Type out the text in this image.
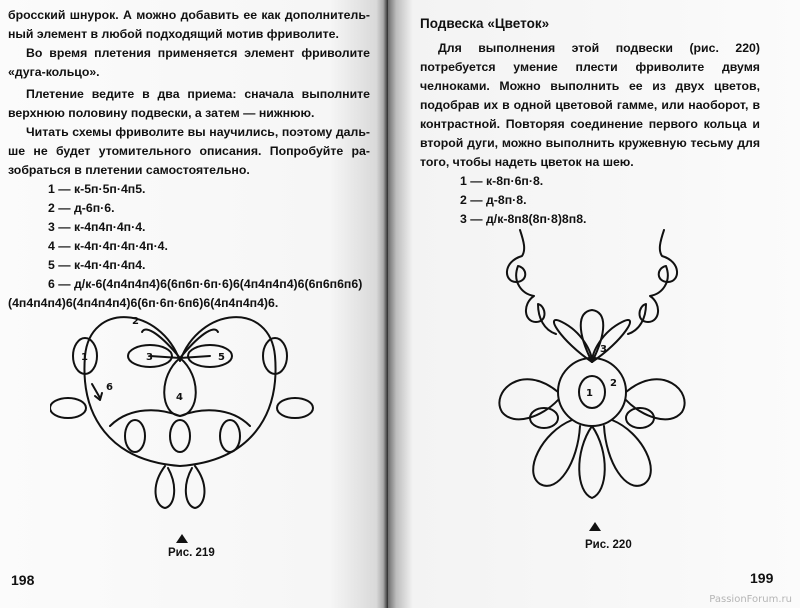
бросский шнурок. А можно добавить ее как дополнительный элемент в любой подходящий мотив фриволите.

Во время плетения применяется элемент фриволите «дуга-кольцо».

Плетение ведите в два приема: сначала выполните верхнюю половину подвески, а затем — нижнюю.

Читать схемы фриволите вы научились, поэтому дальше не будет утомительного описания. Попробуйте разобраться в плетении самостоятельно.

1 — к-5п·5п·4п5.

2 — д-6п·6.

3 — к-4п4п·4п·4.

4 — к-4п·4п·4п·4п·4.

5 — к-4п·4п·4п4.

6 — д/к-6(4п4п4п4)6(6п6п·6п·6)6(4п4п4п4)6(6п6п6п6)

(4п4п4п4)6(4п4п4п4)6(6п·6п·6п6)6(4п4п4п4)6.

2
1	3
4
5
6
Рис. 219
198

Подвеска «Цветок»

Для выполнения этой подвески (рис. 220) потребуется умение плести фриволите двумя челноками. Можно выполнить ее из двух цветов, подобрав их в одной цветовой гамме, или наоборот, в контрастной. Повторяя соединение первого кольца и второй дуги, можно выполнить кружевную тесьму для того, чтобы надеть цветок на шею.

1 — к-8п·6п·8.

2 — д-8п·8.

3 — д/к-8п8(8п·8)8п8.

1
2
3
Рис. 220
199
PassionForum.ru
